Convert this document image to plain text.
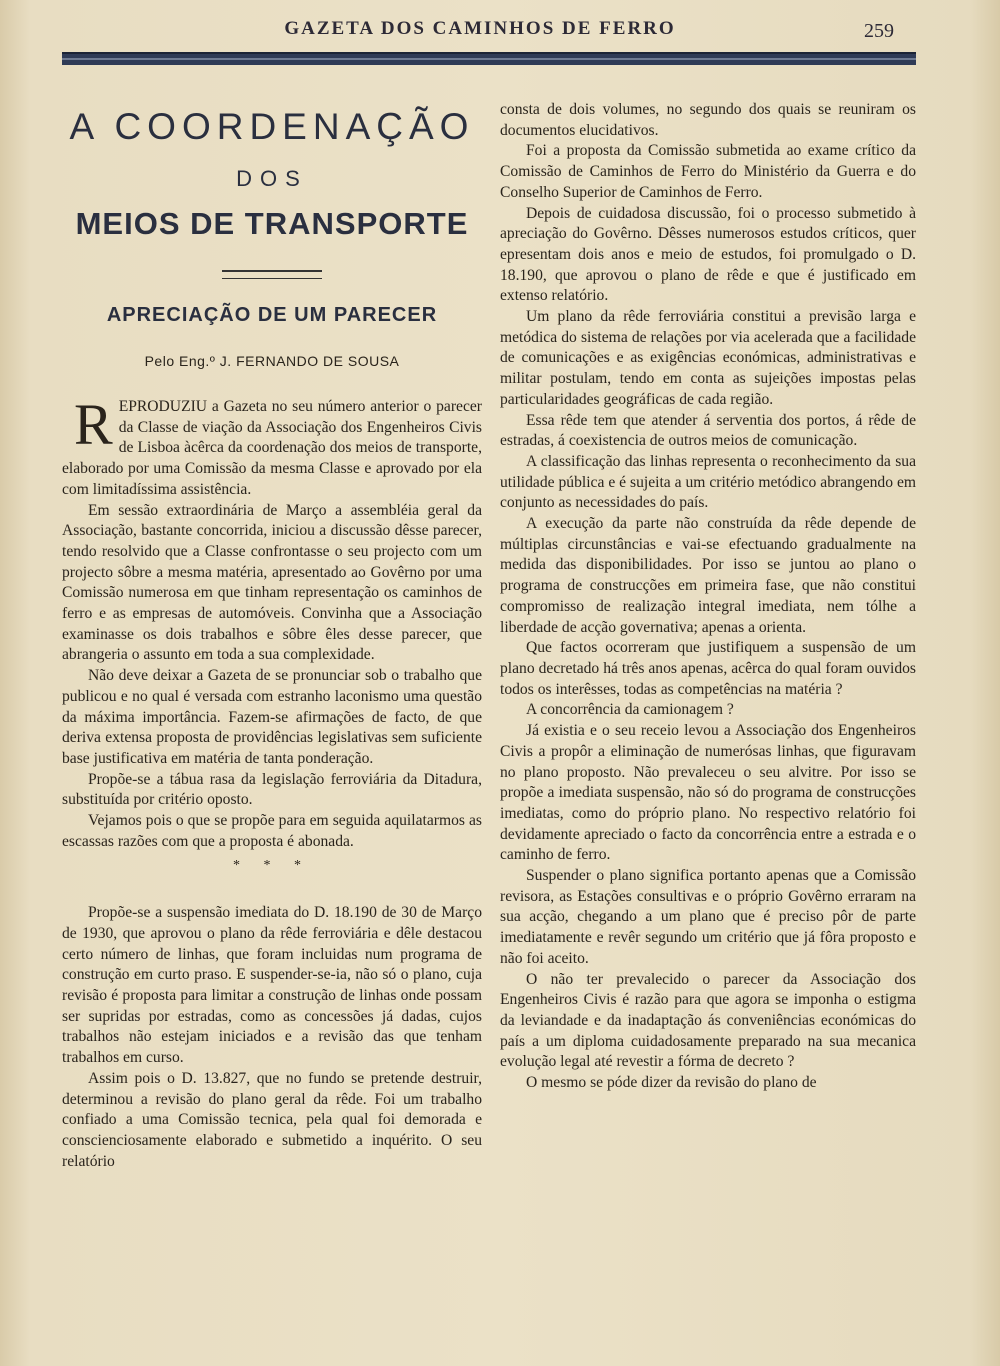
GAZETA DOS CAMINHOS DE FERRO	259
A COORDENAÇÃO
DOS
MEIOS DE TRANSPORTE
APRECIAÇÃO DE UM PARECER
Pelo Eng.º J. FERNANDO DE SOUSA

REPRODUZIU a Gazeta no seu número anterior o parecer da Classe de viação da Associação dos Engenheiros Civis de Lisboa àcêrca da coordenação dos meios de transporte, elaborado por uma Comissão da mesma Classe e aprovado por ela com limitadíssima assistência.

Em sessão extraordinária de Março a assembléia geral da Associação, bastante concorrida, iniciou a discussão dêsse parecer, tendo resolvido que a Classe confrontasse o seu projecto com um projecto sôbre a mesma matéria, apresentado ao Govêrno por uma Comissão numerosa em que tinham representação os caminhos de ferro e as empresas de automóveis. Convinha que a Associação examinasse os dois trabalhos e sôbre êles desse parecer, que abrangeria o assunto em toda a sua complexidade.

Não deve deixar a Gazeta de se pronunciar sob o trabalho que publicou e no qual é versada com estranho laconismo uma questão da máxima importância. Fazem-se afirmações de facto, de que deriva extensa proposta de providências legislativas sem suficiente base justificativa em matéria de tanta ponderação.

Propõe-se a tábua rasa da legislação ferroviária da Ditadura, substituída por critério oposto.

Vejamos pois o que se propõe para em seguida aquilatarmos as escassas razões com que a proposta é abonada.

* * *

Propõe-se a suspensão imediata do D. 18.190 de 30 de Março de 1930, que aprovou o plano da rêde ferroviária e dêle destacou certo número de linhas, que foram incluidas num programa de construção em curto praso. E suspender-se-ia, não só o plano, cuja revisão é proposta para limitar a construção de linhas onde possam ser supridas por estradas, como as concessões já dadas, cujos trabalhos não estejam iniciados e a revisão das que tenham trabalhos em curso.

Assim pois o D. 13.827, que no fundo se pretende destruir, determinou a revisão do plano geral da rêde. Foi um trabalho confiado a uma Comissão tecnica, pela qual foi demorada e conscienciosamente elaborado e submetido a inquérito. O seu relatório

consta de dois volumes, no segundo dos quais se reuniram os documentos elucidativos.

Foi a proposta da Comissão submetida ao exame crítico da Comissão de Caminhos de Ferro do Ministério da Guerra e do Conselho Superior de Caminhos de Ferro.

Depois de cuidadosa discussão, foi o processo submetido à apreciação do Govêrno. Dêsses numerosos estudos críticos, quer epresentam dois anos e meio de estudos, foi promulgado o D. 18.190, que aprovou o plano de rêde e que é justificado em extenso relatório.

Um plano da rêde ferroviária constitui a previsão larga e metódica do sistema de relações por via acelerada que a facilidade de comunicações e as exigências económicas, administrativas e militar postulam, tendo em conta as sujeições impostas pelas particularidades geográficas de cada região.

Essa rêde tem que atender á serventia dos portos, á rêde de estradas, á coexistencia de outros meios de comunicação.

A classificação das linhas representa o reconhecimento da sua utilidade pública e é sujeita a um critério metódico abrangendo em conjunto as necessidades do país.

A execução da parte não construída da rêde depende de múltiplas circunstâncias e vai-se efectuando gradualmente na medida das disponibilidades. Por isso se juntou ao plano o programa de construcções em primeira fase, que não constitui compromisso de realização integral imediata, nem tólhe a liberdade de acção governativa; apenas a orienta.

Que factos ocorreram que justifiquem a suspensão de um plano decretado há três anos apenas, acêrca do qual foram ouvidos todos os interêsses, todas as competências na matéria ?

A concorrência da camionagem ?

Já existia e o seu receio levou a Associação dos Engenheiros Civis a propôr a eliminação de numerósas linhas, que figuravam no plano proposto. Não prevaleceu o seu alvitre. Por isso se propõe a imediata suspensão, não só do programa de construcções imediatas, como do próprio plano. No respectivo relatório foi devidamente apreciado o facto da concorrência entre a estrada e o caminho de ferro.

Suspender o plano significa portanto apenas que a Comissão revisora, as Estações consultivas e o próprio Govêrno erraram na sua acção, chegando a um plano que é preciso pôr de parte imediatamente e revêr segundo um critério que já fôra proposto e não foi aceito.

O não ter prevalecido o parecer da Associação dos Engenheiros Civis é razão para que agora se imponha o estigma da leviandade e da inadaptação ás conveniências económicas do país a um diploma cuidadosamente preparado na sua mecanica evolução legal até revestir a fórma de decreto ?

O mesmo se póde dizer da revisão do plano de
